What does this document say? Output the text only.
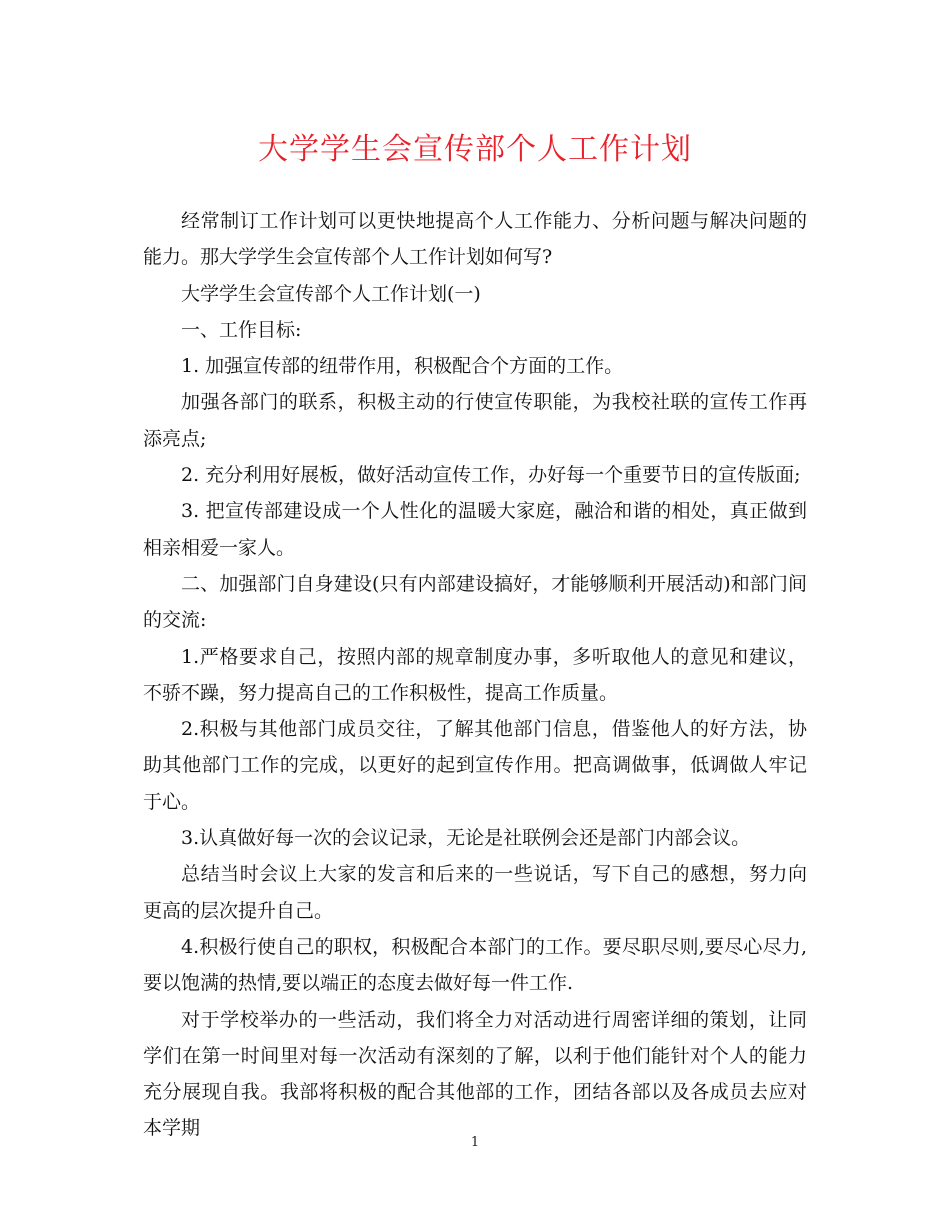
大学学生会宣传部个人工作计划

经常制订工作计划可以更快地提高个人工作能力、分析问题与解决问题的能力。那大学学生会宣传部个人工作计划如何写?

大学学生会宣传部个人工作计划(一)

一、工作目标:

1. 加强宣传部的纽带作用，积极配合个方面的工作。

加强各部门的联系，积极主动的行使宣传职能，为我校社联的宣传工作再添亮点;

2. 充分利用好展板，做好活动宣传工作，办好每一个重要节日的宣传版面;

3. 把宣传部建设成一个人性化的温暖大家庭，融洽和谐的相处，真正做到相亲相爱一家人。

二、加强部门自身建设(只有内部建设搞好，才能够顺利开展活动)和部门间的交流:

1.严格要求自己，按照内部的规章制度办事，多听取他人的意见和建议，不骄不躁，努力提高自己的工作积极性，提高工作质量。

2.积极与其他部门成员交往，了解其他部门信息，借鉴他人的好方法，协助其他部门工作的完成，以更好的起到宣传作用。把高调做事，低调做人牢记于心。

3.认真做好每一次的会议记录，无论是社联例会还是部门内部会议。

总结当时会议上大家的发言和后来的一些说话，写下自己的感想，努力向更高的层次提升自己。

4.积极行使自己的职权，积极配合本部门的工作。要尽职尽则,要尽心尽力,要以饱满的热情,要以端正的态度去做好每一件工作.

对于学校举办的一些活动，我们将全力对活动进行周密详细的策划，让同学们在第一时间里对每一次活动有深刻的了解，以利于他们能针对个人的能力充分展现自我。我部将积极的配合其他部的工作，团结各部以及各成员去应对本学期

1
